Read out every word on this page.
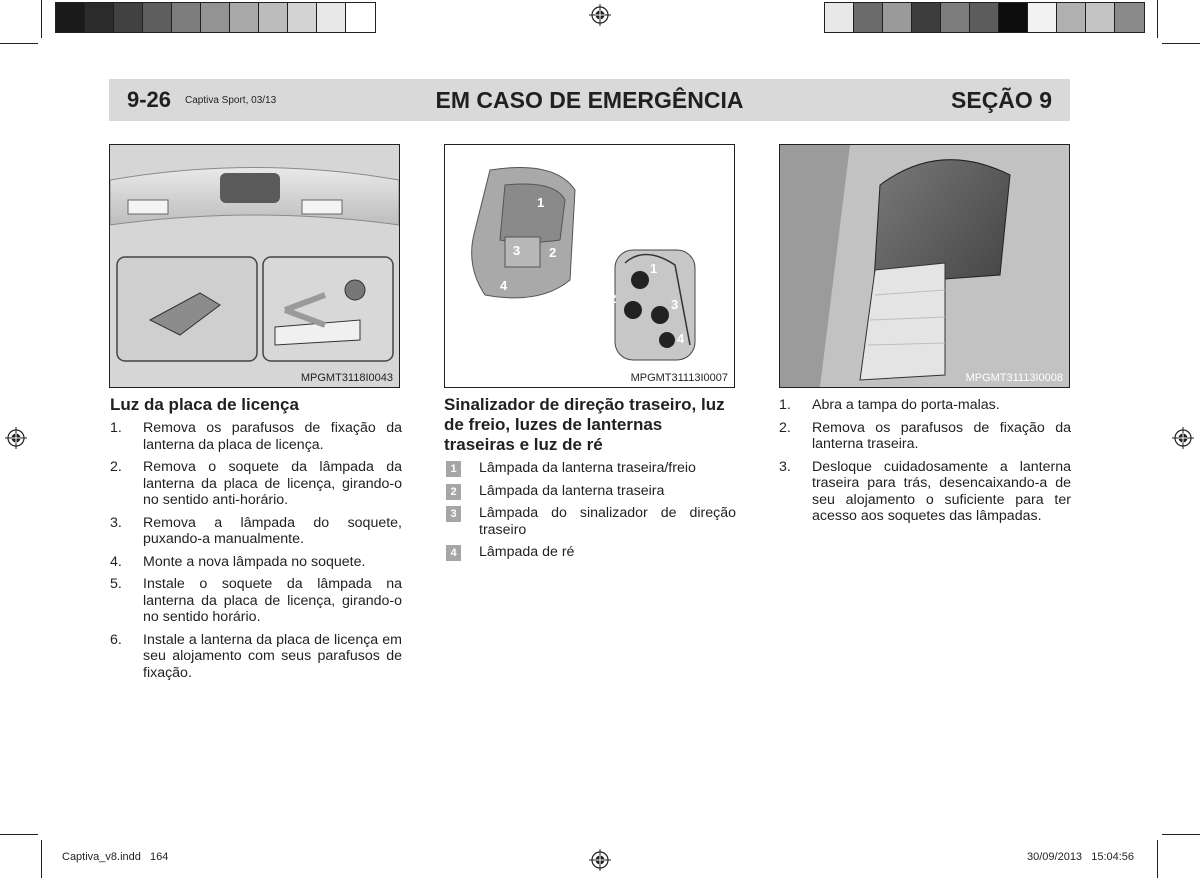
9-26 Captiva Sport, 03/13	EM CASO DE EMERGÊNCIA	SEÇÃO 9
MPGMT3118I0043
1
3 2
4
1
2	3
4
MPGMT31113I0007	MPGMT31113I0008
Luz da placa de licença
1. Remova os parafusos de fixação da lanterna da placa de licença.
2. Remova o soquete da lâmpada da lanterna da placa de licença, girando-o no sentido anti-horário.
3. Remova a lâmpada do soquete, puxando-a manualmente.
4. Monte a nova lâmpada no soquete.
5. Instale o soquete da lâmpada na lanterna da placa de licença, girando-o no sentido horário.
6. Instale a lanterna da placa de licença em seu alojamento com seus parafusos de fixação.
Sinalizador de direção traseiro, luz de freio, luzes de lanternas traseiras e luz de ré
1	Lâmpada da lanterna traseira/freio
2	Lâmpada da lanterna traseira
3	Lâmpada do sinalizador de direção traseiro
4	Lâmpada de ré
1. Abra a tampa do porta-malas.
2. Remova os parafusos de fixação da lanterna traseira.
3. Desloque cuidadosamente a lanterna traseira para trás, desencaixando-a de seu alojamento o suficiente para ter acesso aos soquetes das lâmpadas.
Captiva_v8.indd   164	30/09/2013   15:04:56
